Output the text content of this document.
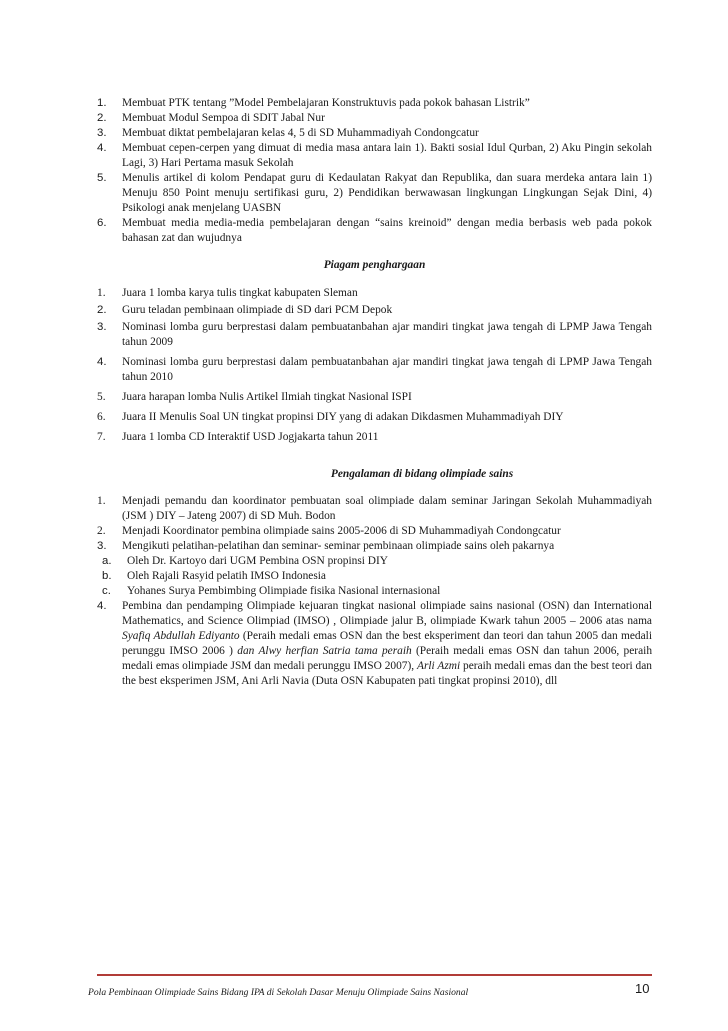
1. Membuat PTK tentang ”Model Pembelajaran Konstruktuvis pada pokok bahasan Listrik”
2. Membuat Modul Sempoa di SDIT Jabal Nur
3. Membuat diktat pembelajaran kelas 4, 5 di SD Muhammadiyah Condongcatur
4. Membuat cepen-cerpen yang dimuat di media masa antara lain 1). Bakti sosial Idul Qurban, 2) Aku Pingin sekolah Lagi, 3) Hari Pertama masuk Sekolah
5. Menulis artikel di kolom Pendapat guru di Kedaulatan Rakyat dan Republika, dan suara merdeka antara lain 1) Menuju 850 Point menuju sertifikasi guru, 2) Pendidikan berwawasan lingkungan Lingkungan Sejak Dini, 4) Psikologi anak menjelang UASBN
6. Membuat media media-media pembelajaran dengan “sains kreinoid” dengan media berbasis web pada pokok bahasan zat dan wujudnya
Piagam penghargaan
1. Juara 1 lomba karya tulis tingkat kabupaten Sleman
2. Guru teladan pembinaan olimpiade di SD dari PCM Depok
3. Nominasi lomba guru berprestasi dalam pembuatanbahan ajar mandiri tingkat jawa tengah di LPMP Jawa Tengah tahun 2009
4. Nominasi lomba guru berprestasi dalam pembuatanbahan ajar mandiri tingkat jawa tengah di LPMP Jawa Tengah tahun 2010
5. Juara harapan lomba Nulis Artikel Ilmiah tingkat Nasional ISPI
6. Juara II Menulis Soal UN tingkat propinsi DIY yang di adakan Dikdasmen Muhammadiyah DIY
7. Juara 1 lomba CD Interaktif USD Jogjakarta tahun 2011
Pengalaman di bidang olimpiade sains
1. Menjadi pemandu dan koordinator pembuatan soal olimpiade dalam seminar Jaringan Sekolah Muhammadiyah (JSM ) DIY – Jateng 2007) di SD Muh. Bodon
2. Menjadi Koordinator pembina olimpiade sains 2005-2006 di SD Muhammadiyah Condongcatur
3. Mengikuti pelatihan-pelatihan dan seminar- seminar pembinaan olimpiade sains oleh pakarnya
a. Oleh Dr. Kartoyo dari UGM Pembina OSN propinsi DIY
b. Oleh Rajali Rasyid pelatih IMSO Indonesia
c. Yohanes Surya Pembimbing Olimpiade fisika Nasional internasional
4. Pembina dan pendamping Olimpiade kejuaran tingkat nasional olimpiade sains nasional (OSN) dan International Mathematics, and Science Olimpiad (IMSO) , Olimpiade jalur B, olimpiade Kwark tahun 2005 – 2006 atas nama Syafiq Abdullah Ediyanto (Peraih medali emas OSN dan the best eksperiment dan teori dan tahun 2005 dan medali perunggu IMSO 2006 ) dan Alwy herfian Satria tama peraih (Peraih medali emas OSN dan tahun 2006, peraih medali emas olimpiade JSM dan medali perunggu IMSO 2007), Arli Azmi peraih medali emas dan the best teori dan the best eksperimen JSM, Ani Arli Navia (Duta OSN Kabupaten pati tingkat propinsi 2010), dll
Pola Pembinaan Olimpiade Sains Bidang IPA di Sekolah Dasar Menuju Olimpiade Sains Nasional	10
